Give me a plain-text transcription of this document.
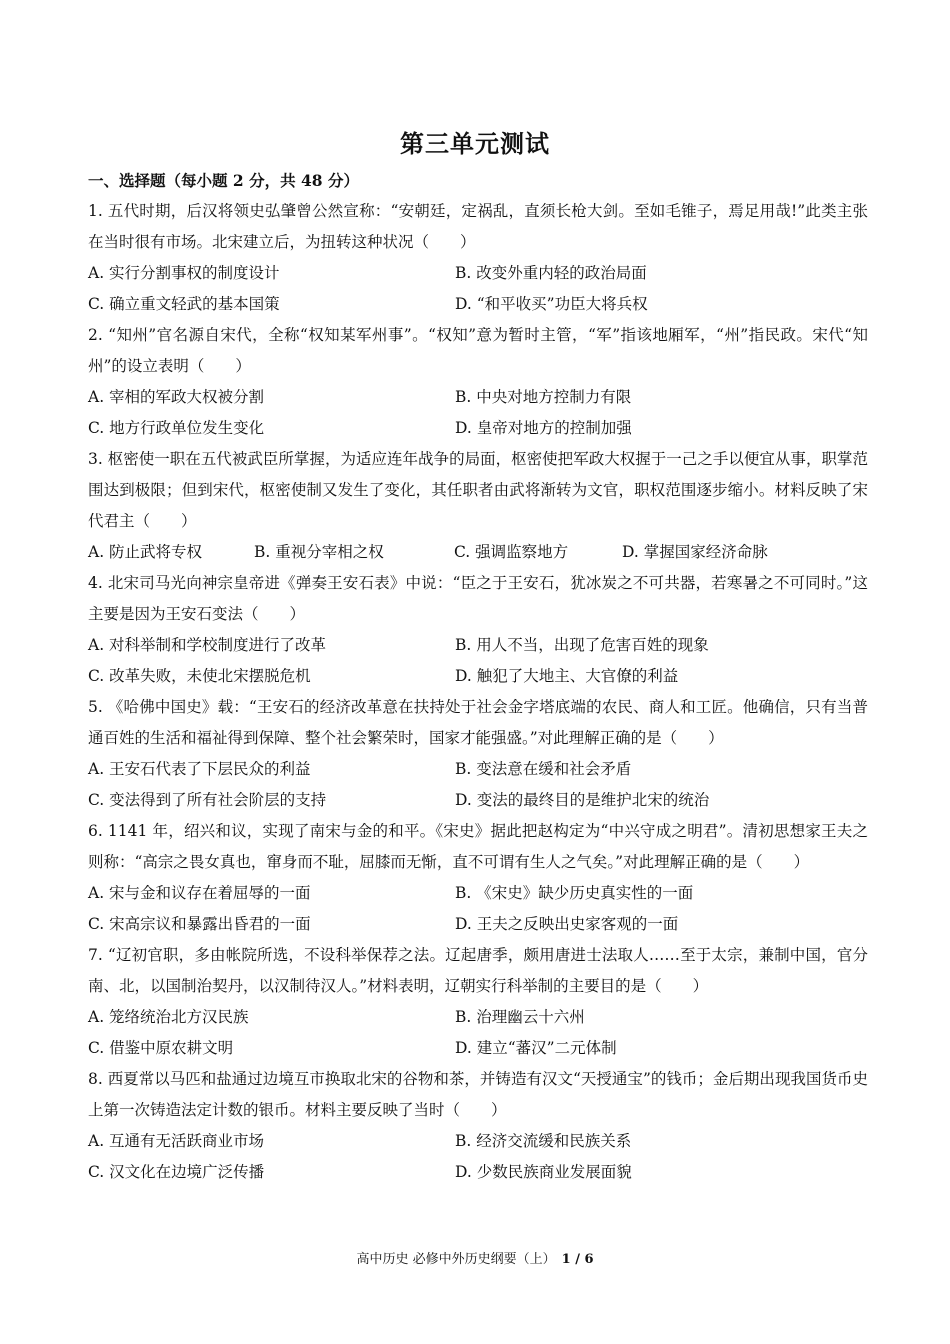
第三单元测试
一、选择题（每小题 2 分，共 48 分）
1. 五代时期，后汉将领史弘肇曾公然宣称：“安朝廷，定祸乱，直须长枪大剑。至如毛锥子，焉足用哉!”此类主张在当时很有市场。北宋建立后，为扭转这种状况（　　）
A. 实行分割事权的制度设计	B. 改变外重内轻的政治局面
C. 确立重文轻武的基本国策	D. “和平收买”功臣大将兵权
2. “知州”官名源自宋代，全称“权知某军州事”。“权知”意为暂时主管，“军”指该地厢军，“州”指民政。宋代“知州”的设立表明（　　）
A. 宰相的军政大权被分割	B. 中央对地方控制力有限
C. 地方行政单位发生变化	D. 皇帝对地方的控制加强
3. 枢密使一职在五代被武臣所掌握，为适应连年战争的局面，枢密使把军政大权握于一己之手以便宜从事，职掌范围达到极限；但到宋代，枢密使制又发生了变化，其任职者由武将渐转为文官，职权范围逐步缩小。材料反映了宋代君主（　　）
A. 防止武将专权	B. 重视分宰相之权	C. 强调监察地方	D. 掌握国家经济命脉
4. 北宋司马光向神宗皇帝进《弹奏王安石表》中说：“臣之于王安石，犹冰炭之不可共器，若寒暑之不可同时。”这主要是因为王安石变法（　　）
A. 对科举制和学校制度进行了改革	B. 用人不当，出现了危害百姓的现象
C. 改革失败，未使北宋摆脱危机	D. 触犯了大地主、大官僚的利益
5. 《哈佛中国史》载：“王安石的经济改革意在扶持处于社会金字塔底端的农民、商人和工匠。他确信，只有当普通百姓的生活和福祉得到保障、整个社会繁荣时，国家才能强盛。”对此理解正确的是（　　）
A. 王安石代表了下层民众的利益	B. 变法意在缓和社会矛盾
C. 变法得到了所有社会阶层的支持	D. 变法的最终目的是维护北宋的统治
6. 1141 年，绍兴和议，实现了南宋与金的和平。《宋史》据此把赵构定为“中兴守成之明君”。清初思想家王夫之则称：“高宗之畏女真也，窜身而不耻，屈膝而无惭，直不可谓有生人之气矣。”对此理解正确的是（　　）
A. 宋与金和议存在着屈辱的一面	B. 《宋史》缺少历史真实性的一面
C. 宋高宗议和暴露出昏君的一面	D. 王夫之反映出史家客观的一面
7. “辽初官职，多由帐院所选，不设科举保荐之法。辽起唐季，颇用唐进士法取人……至于太宗，兼制中国，官分南、北，以国制治契丹，以汉制待汉人。”材料表明，辽朝实行科举制的主要目的是（　　）
A. 笼络统治北方汉民族	B. 治理幽云十六州
C. 借鉴中原农耕文明	D. 建立“蕃汉”二元体制
8. 西夏常以马匹和盐通过边境互市换取北宋的谷物和茶，并铸造有汉文“天授通宝”的钱币；金后期出现我国货币史上第一次铸造法定计数的银币。材料主要反映了当时（　　）
A. 互通有无活跃商业市场	B. 经济交流缓和民族关系
C. 汉文化在边境广泛传播	D. 少数民族商业发展面貌
高中历史 必修中外历史纲要（上） 1 / 6
